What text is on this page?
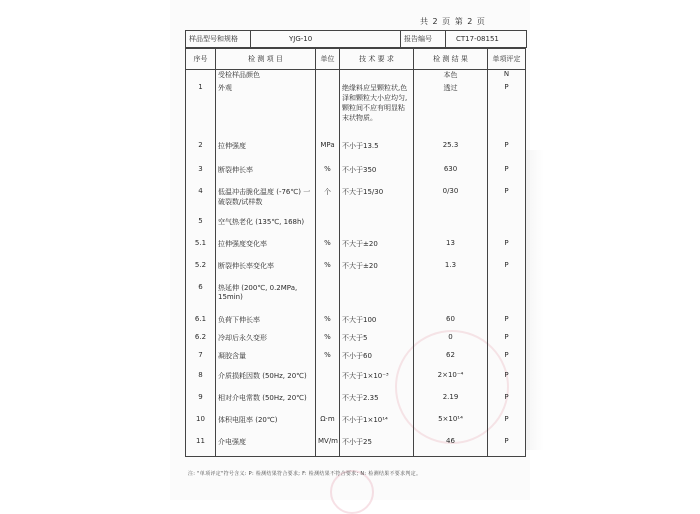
共 2 页 第 2 页
样品型号和规格	YJG-10	报告编号	CT17-08151
序号	检 测 项 目	单位	技 术 要 求	检 测 结 果	单项评定
	受检样品颜色			本色	N
1	外观		绝缘料应呈颗粒状,色泽和颗粒大小应均匀, 颗粒间不应有明显粘末状物质。	透过	P
2	拉伸强度	MPa	不小于13.5	25.3	P
3	断裂伸长率	%	不小于350	630	P
4	低温冲击脆化温度 (-76℃) 一破裂数/试样数	个	不大于15/30	0/30	P
5	空气热老化 (135℃, 168h)				
5.1	拉伸强度变化率	%	不大于±20	13	P
5.2	断裂伸长率变化率	%	不大于±20	1.3	P
6	热延伸 (200℃, 0.2MPa, 15min)				
6.1	负荷下伸长率	%	不大于100	60	P
6.2	冷却后永久变形	%	不大于5	0	P
7	凝胶含量	%	不小于60	62	P
8	介质损耗因数 (50Hz, 20℃)		不大于1×10⁻³	2×10⁻⁴	P
9	相对介电常数 (50Hz, 20℃)		不大于2.35	2.19	P
10	体积电阻率 (20℃)	Ω·m	不小于1×10¹⁴	5×10¹⁴	P
11	介电强度	MV/m	不小于25	46	P
注: "单项评定"符号含义: P: 检测结果符合要求; F: 检测结果不符合要求; N: 检测结果不要求判定。
